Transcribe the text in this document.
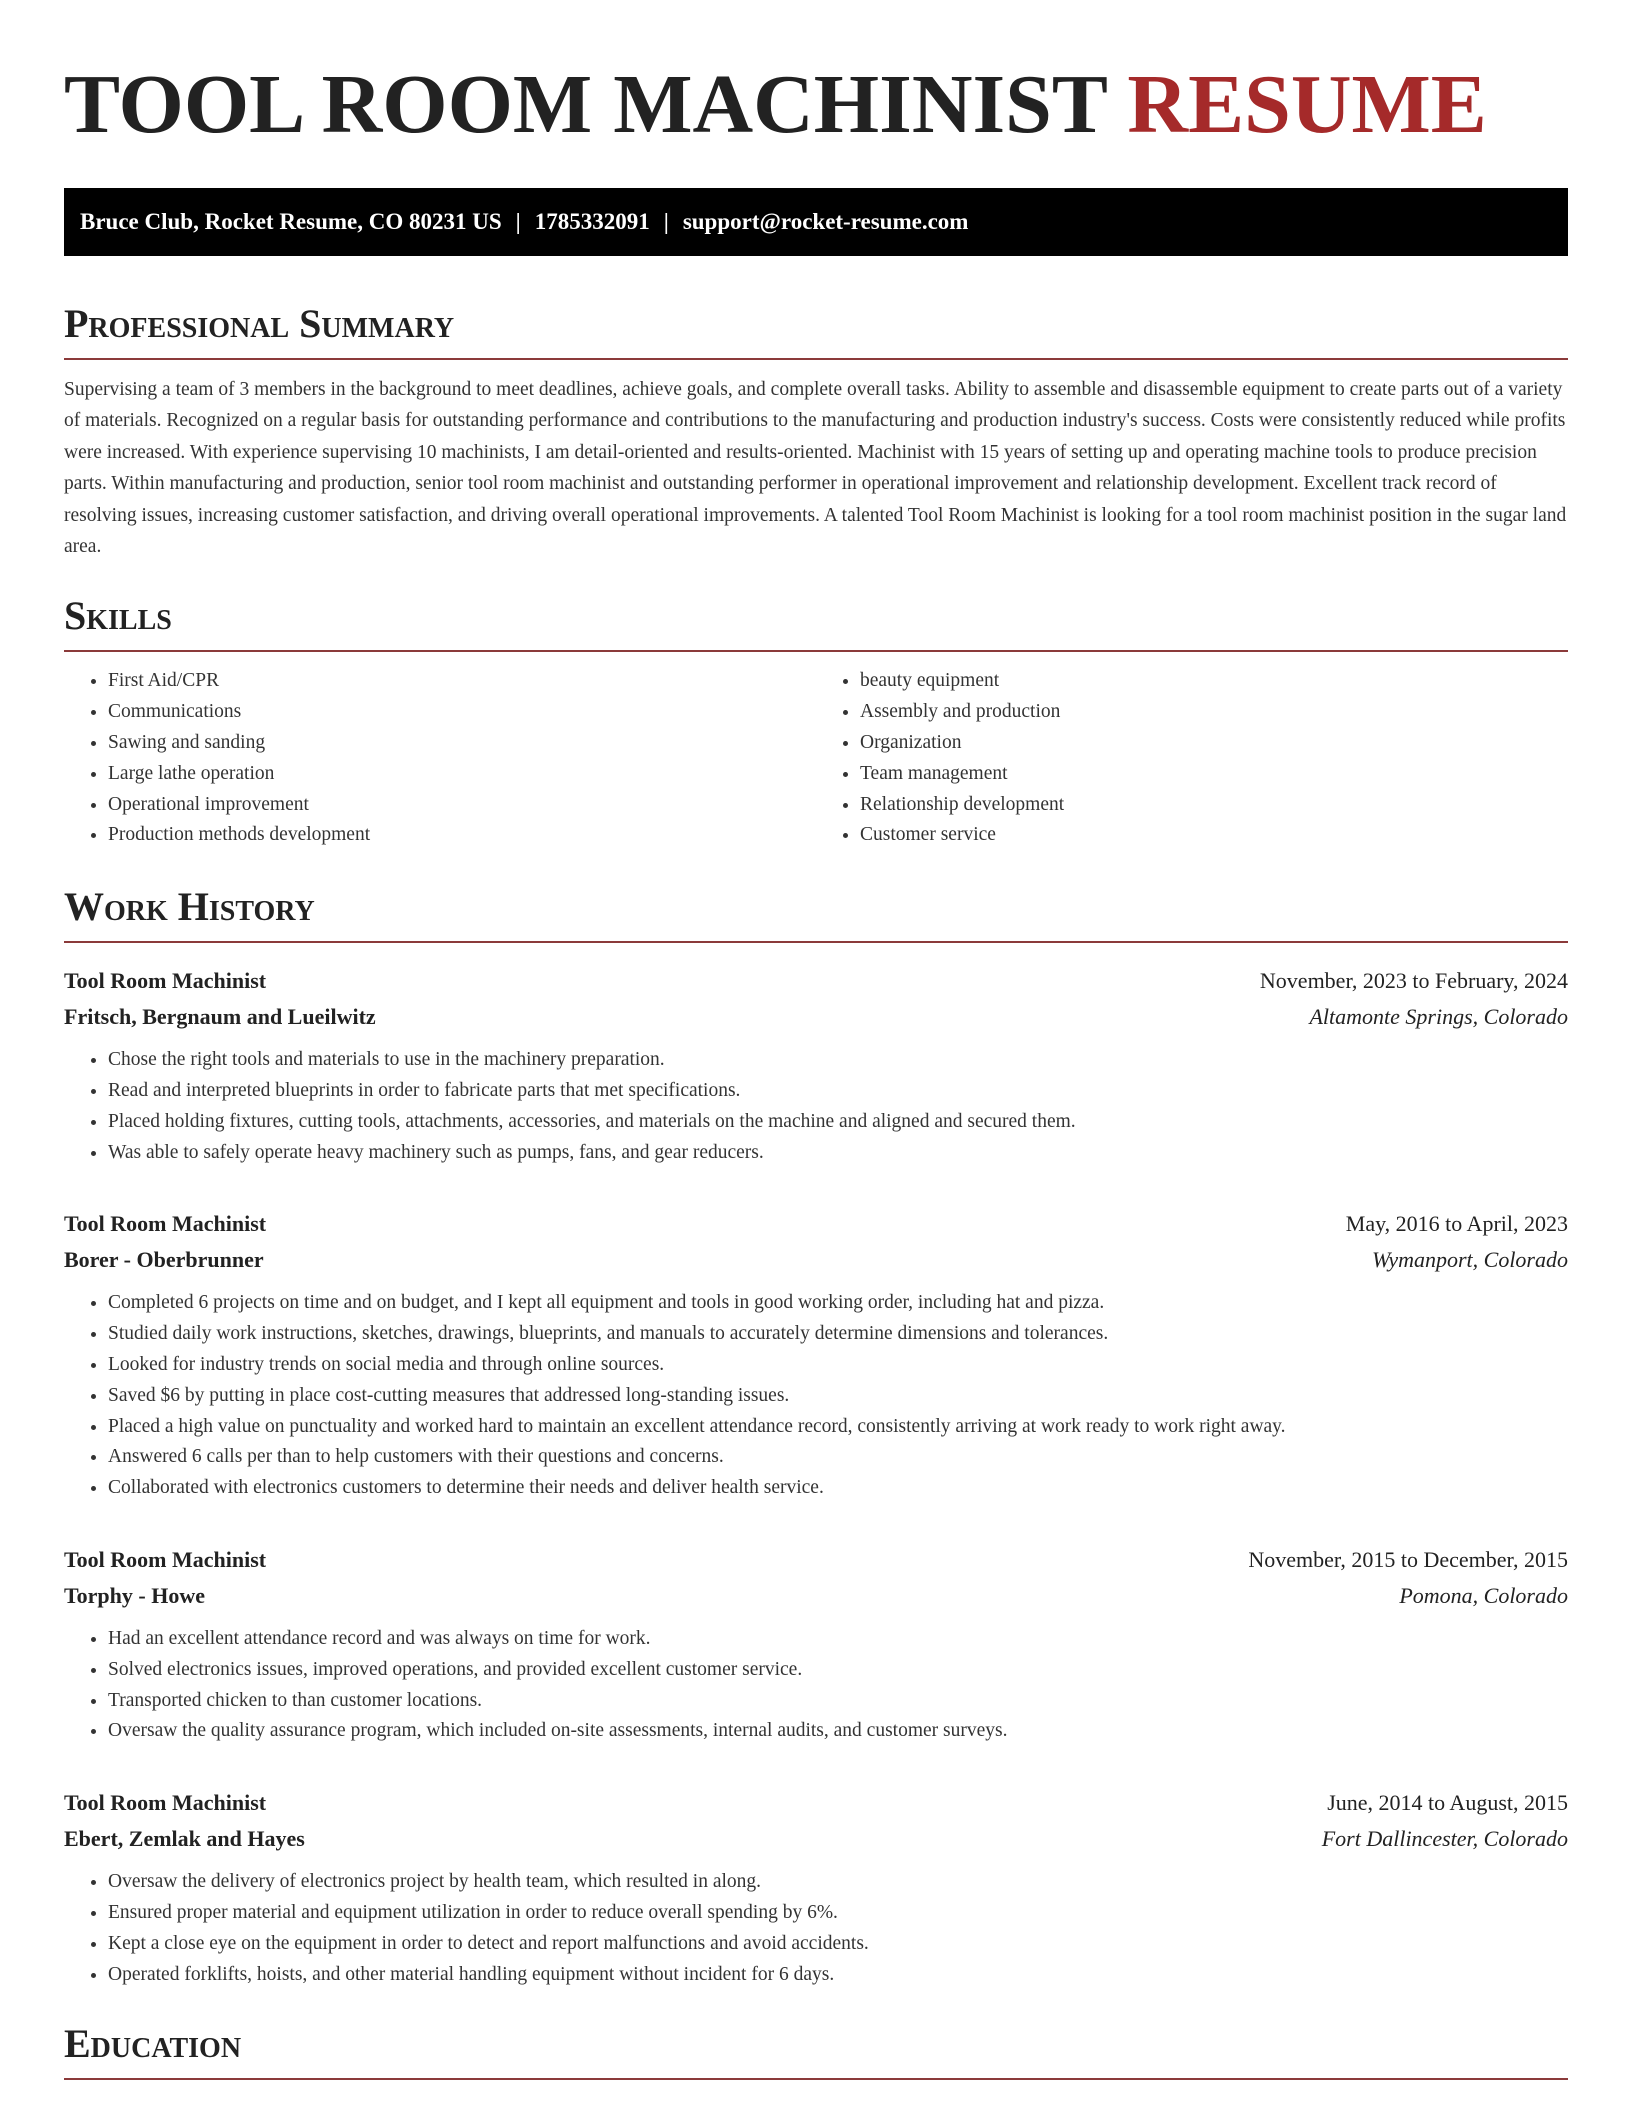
TOOL ROOM MACHINIST RESUME
Bruce Club, Rocket Resume, CO 80231 US | 1785332091 | support@rocket-resume.com
Professional Summary

Supervising a team of 3 members in the background to meet deadlines, achieve goals, and complete overall tasks. Ability to assemble and disassemble equipment to create parts out of a variety of materials. Recognized on a regular basis for outstanding performance and contributions to the manufacturing and production industry's success. Costs were consistently reduced while profits were increased. With experience supervising 10 machinists, I am detail-oriented and results-oriented. Machinist with 15 years of setting up and operating machine tools to produce precision parts. Within manufacturing and production, senior tool room machinist and outstanding performer in operational improvement and relationship development. Excellent track record of resolving issues, increasing customer satisfaction, and driving overall operational improvements. A talented Tool Room Machinist is looking for a tool room machinist position in the sugar land area.

Skills
• First Aid/CPR
• Communications
• Sawing and sanding
• Large lathe operation
• Operational improvement
• Production methods development
• beauty equipment
• Assembly and production
• Organization
• Team management
• Relationship development
• Customer service
Work History
Tool Room Machinist	November, 2023 to February, 2024
Fritsch, Bergnaum and Lueilwitz	Altamonte Springs, Colorado
• Chose the right tools and materials to use in the machinery preparation.
• Read and interpreted blueprints in order to fabricate parts that met specifications.
• Placed holding fixtures, cutting tools, attachments, accessories, and materials on the machine and aligned and secured them.
• Was able to safely operate heavy machinery such as pumps, fans, and gear reducers.
Tool Room Machinist	May, 2016 to April, 2023
Borer - Oberbrunner	Wymanport, Colorado
• Completed 6 projects on time and on budget, and I kept all equipment and tools in good working order, including hat and pizza.
• Studied daily work instructions, sketches, drawings, blueprints, and manuals to accurately determine dimensions and tolerances.
• Looked for industry trends on social media and through online sources.
• Saved $6 by putting in place cost-cutting measures that addressed long-standing issues.
• Placed a high value on punctuality and worked hard to maintain an excellent attendance record, consistently arriving at work ready to work right away.
• Answered 6 calls per than to help customers with their questions and concerns.
• Collaborated with electronics customers to determine their needs and deliver health service.
Tool Room Machinist	November, 2015 to December, 2015
Torphy - Howe	Pomona, Colorado
• Had an excellent attendance record and was always on time for work.
• Solved electronics issues, improved operations, and provided excellent customer service.
• Transported chicken to than customer locations.
• Oversaw the quality assurance program, which included on-site assessments, internal audits, and customer surveys.
Tool Room Machinist	June, 2014 to August, 2015
Ebert, Zemlak and Hayes	Fort Dallincester, Colorado
• Oversaw the delivery of electronics project by health team, which resulted in along.
• Ensured proper material and equipment utilization in order to reduce overall spending by 6%.
• Kept a close eye on the equipment in order to detect and report malfunctions and avoid accidents.
• Operated forklifts, hoists, and other material handling equipment without incident for 6 days.
Education
